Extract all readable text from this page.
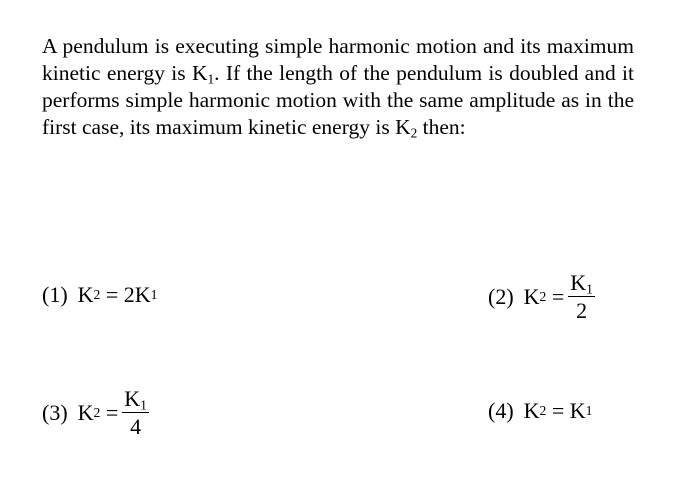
A pendulum is executing simple harmonic motion and its maximum kinetic energy is $K_1$. If the length of the pendulum is doubled and it performs simple harmonic motion with the same amplitude as in the first case, its maximum kinetic energy is $K_2$ then:

(1) K 2 = 2K 1	(2) K $2 = \frac{K_1}{2}$
(3) K $2 = \frac{K_1}{4}$	(4) K 2 = K 1
